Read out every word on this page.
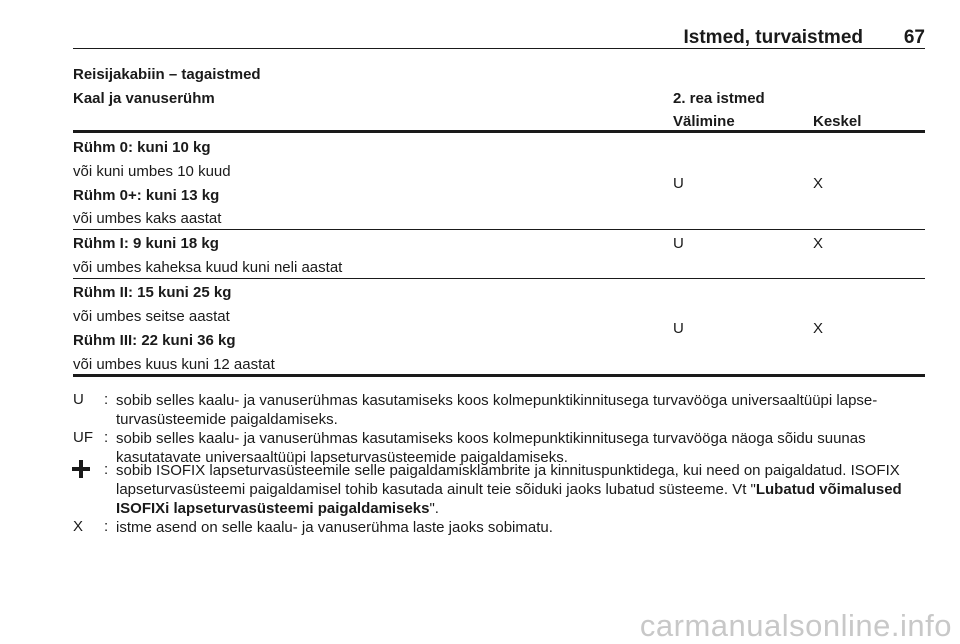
Istmed, turvaistmed 67
Reisijakabiin – tagaistmed
Kaal ja vanuserühm	2. rea istmed
Välimine	Keskel
Rühm 0: kuni 10 kg
või kuni umbes 10 kuud
Rühm 0+: kuni 13 kg
või umbes kaks aastat
U	X
Rühm I: 9 kuni 18 kg
või umbes kaheksa kuud kuni neli aastat
U	X
Rühm II: 15 kuni 25 kg
või umbes seitse aastat
Rühm III: 22 kuni 36 kg
või umbes kuus kuni 12 aastat
U	X
U : sobib selles kaalu- ja vanuserühmas kasutamiseks koos kolmepunktikinnitusega turvavööga universaaltüüpi lapseturvasüsteemide paigaldamiseks.
UF : sobib selles kaalu- ja vanuserühmas kasutamiseks koos kolmepunktikinnitusega turvavööga näoga sõidu suunas kasutatavate universaaltüüpi lapseturvasüsteemide paigaldamiseks.
: sobib ISOFIX lapseturvasüsteemile selle paigaldamisklambrite ja kinnituspunktidega, kui need on paigaldatud. ISOFIX lapseturvasüsteemi paigaldamisel tohib kasutada ainult teie sõiduki jaoks lubatud süsteeme. Vt "Lubatud võimalused ISOFIXi lapseturvasüsteemi paigaldamiseks".
X : istme asend on selle kaalu- ja vanuserühma laste jaoks sobimatu.
carmanualsonline.info
